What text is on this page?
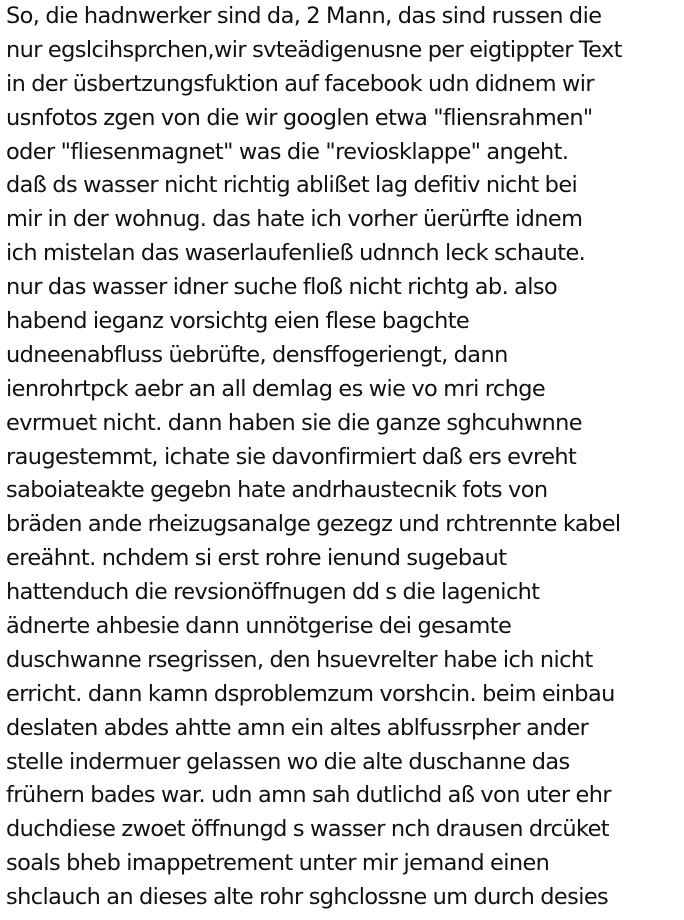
So, die hadnwerker sind da, 2 Mann, das sind russen die
nur egslcihsprchen,wir svteädigenusne per eigtippter Text
in der üsbertzungsfuktion auf facebook udn didnem wir
usnfotos zgen von die wir googlen etwa "fliensrahmen"
oder "fliesenmagnet" was die "reviosklappe" angeht.
daß ds wasser nicht richtig ablißet lag defitiv nicht bei
mir in der wohnug. das hate ich vorher üerürfte idnem
ich mistelan das waserlaufenließ udnnch leck schaute.
nur das wasser idner suche floß nicht richtg ab. also
habend ieganz vorsichtg eien flese bagchte
udneenabfluss üebrüfte, densffogeriengt, dann
ienrohrtpck aebr an all demlag es wie vo mri rchge
evrmuet nicht. dann haben sie die ganze sghcuhwnne
raugestemmt, ichate sie davonfirmiert daß ers evreht
saboiateakte gegebn hate andrhaustecnik fots von
bräden ande rheizugsanalge gezegz und rchtrennte kabel
ereähnt. nchdem si erst rohre ienund sugebaut
hattenduch die revsionöffnugen dd s die lagenicht
ädnerte ahbesie dann unnötgerise dei gesamte
duschwanne rsegrissen, den hsuevrelter habe ich nicht
erricht. dann kamn dsproblemzum vorshcin. beim einbau
deslaten abdes ahtte amn ein altes ablfussrpher ander
stelle indermuer gelassen wo die alte duschanne das
frühern bades war. udn amn sah dutlichd aß von uter ehr
duchdiese zwoet öffnungd s wasser nch drausen drcüket
soals bheb imappetrement unter mir jemand einen
shclauch an dieses alte rohr sghclossne um durch desies
